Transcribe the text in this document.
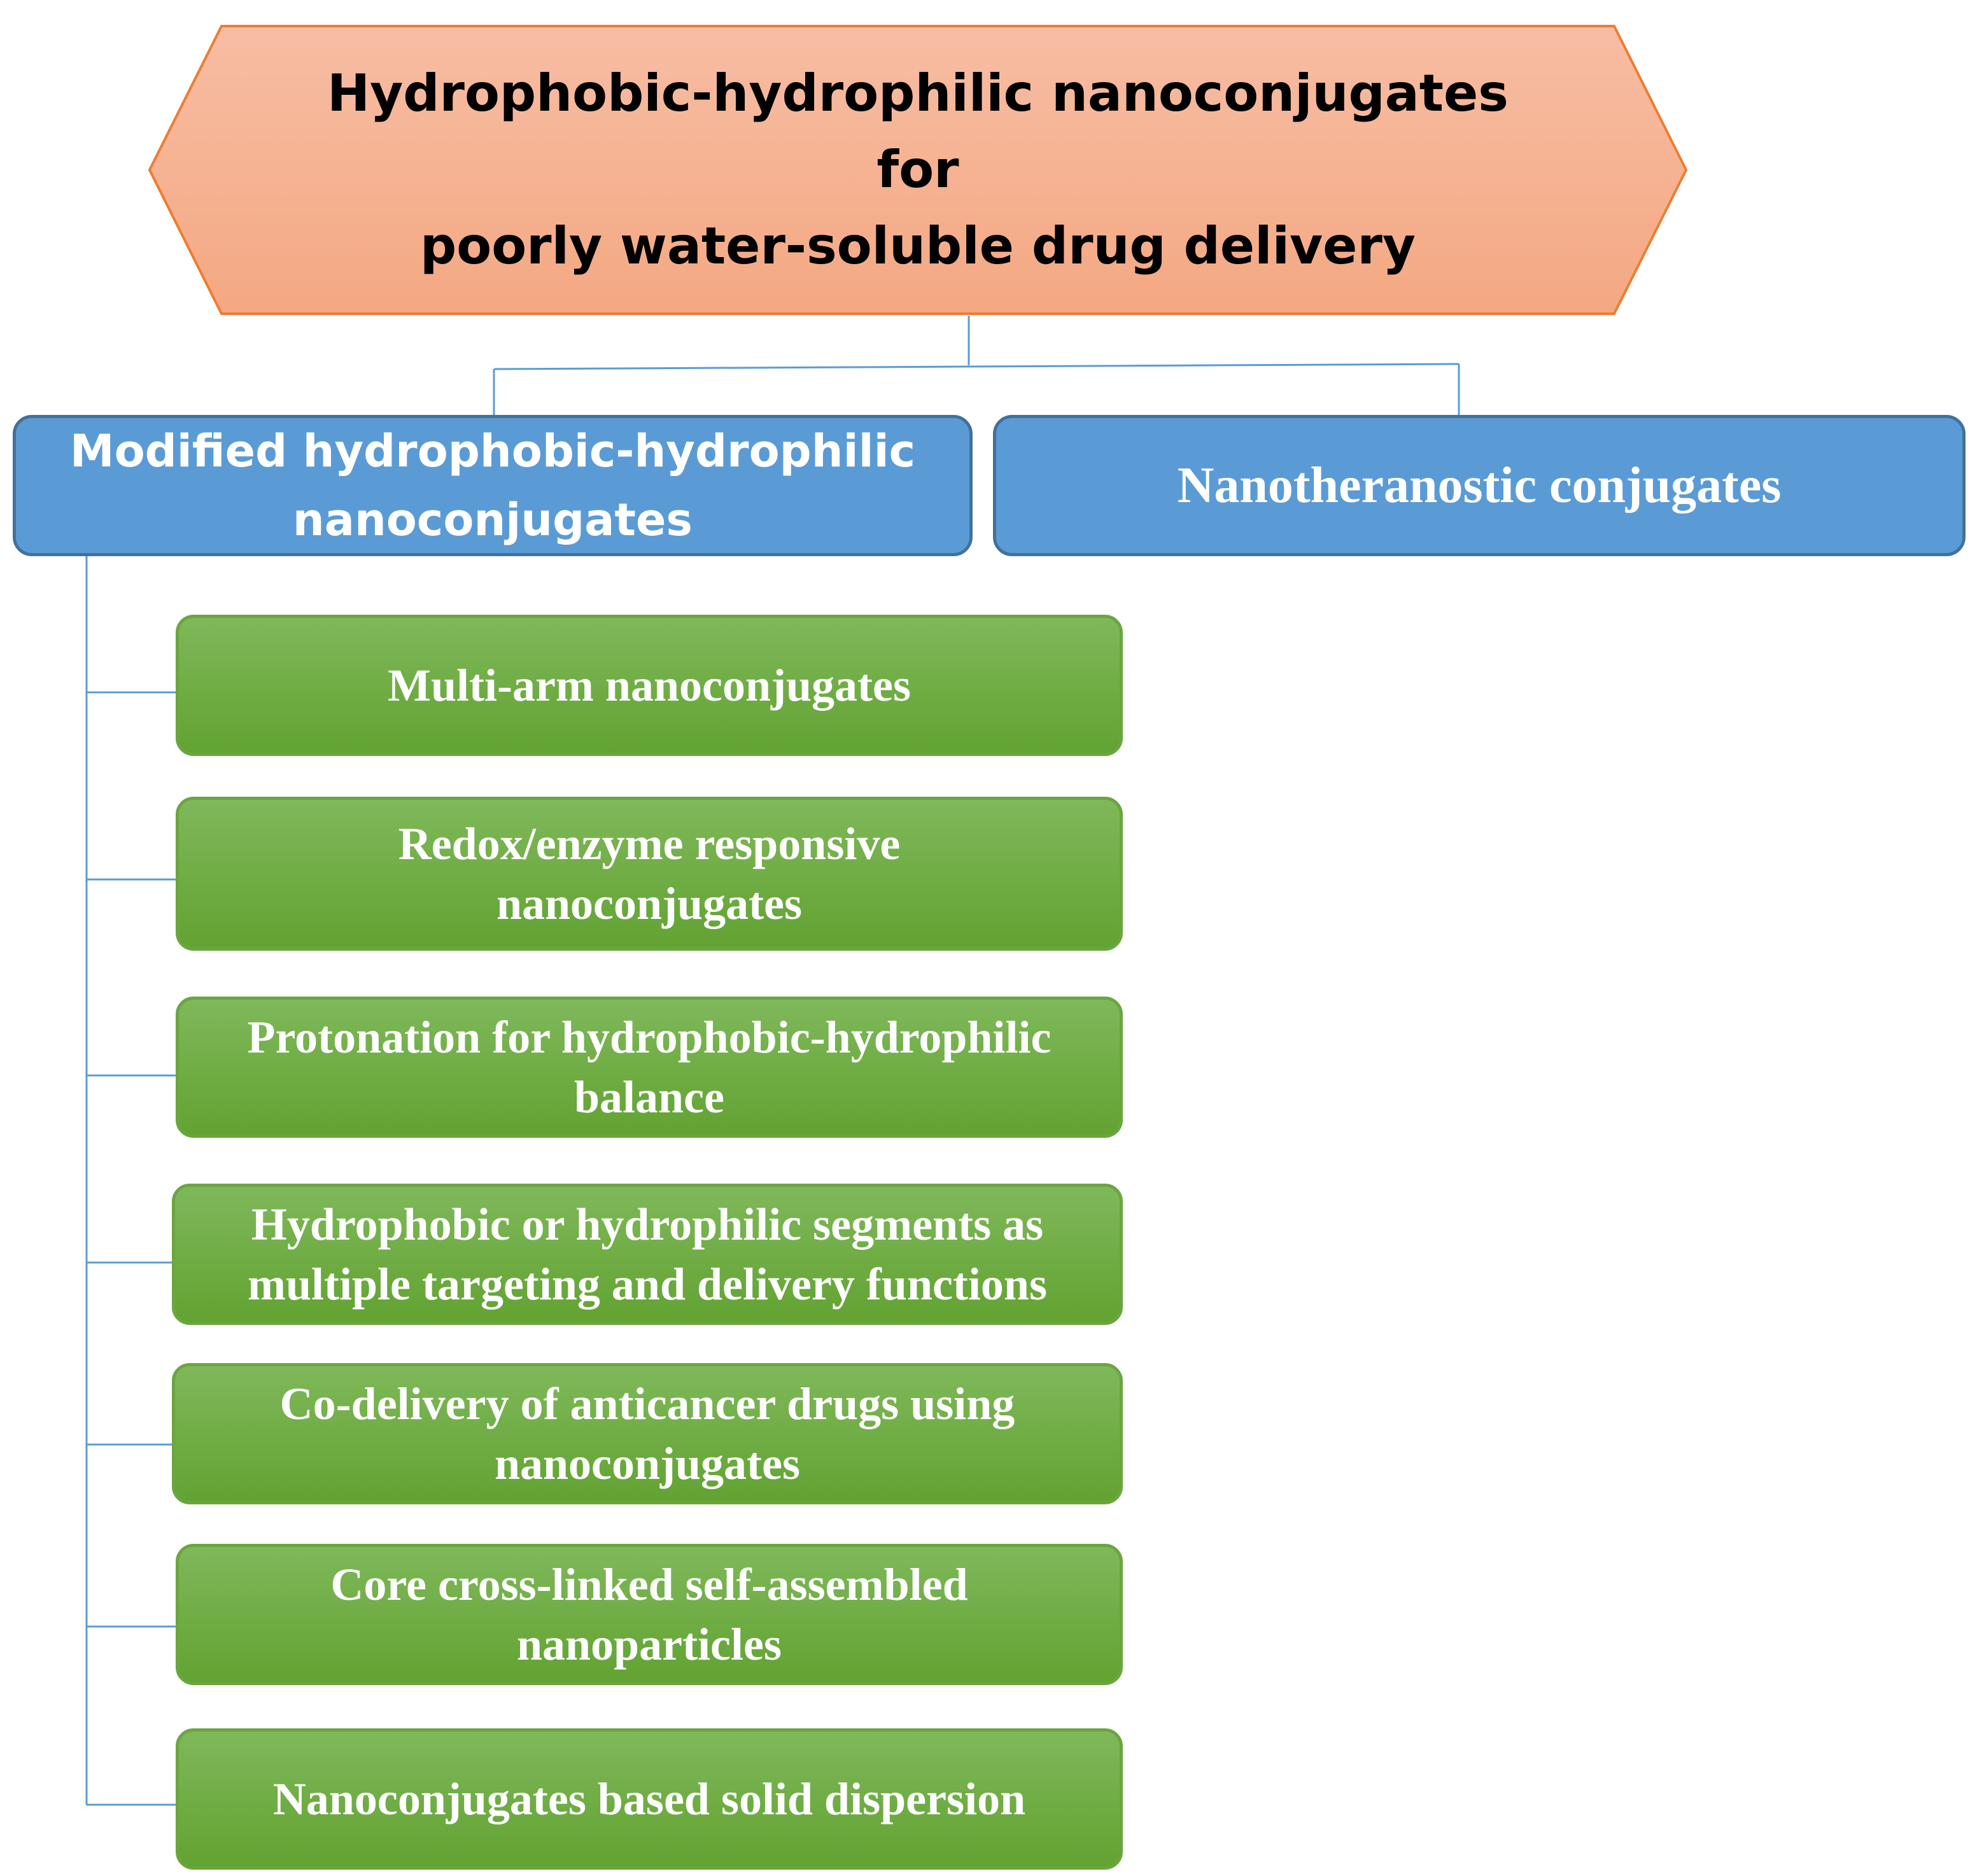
Hydrophobic-hydrophilic nanoconjugates for
poorly water-soluble drug delivery
Modified hydrophobic-hydrophilic
nanoconjugates
Nanotheranostic conjugates
Multi-arm nanoconjugates
Redox/enzyme responsive
nanoconjugates
Protonation for hydrophobic-hydrophilic
balance
Hydrophobic or hydrophilic segments as
multiple targeting and delivery functions
Co-delivery of anticancer drugs using
nanoconjugates
Core cross-linked self-assembled
nanoparticles
Nanoconjugates based solid dispersion
